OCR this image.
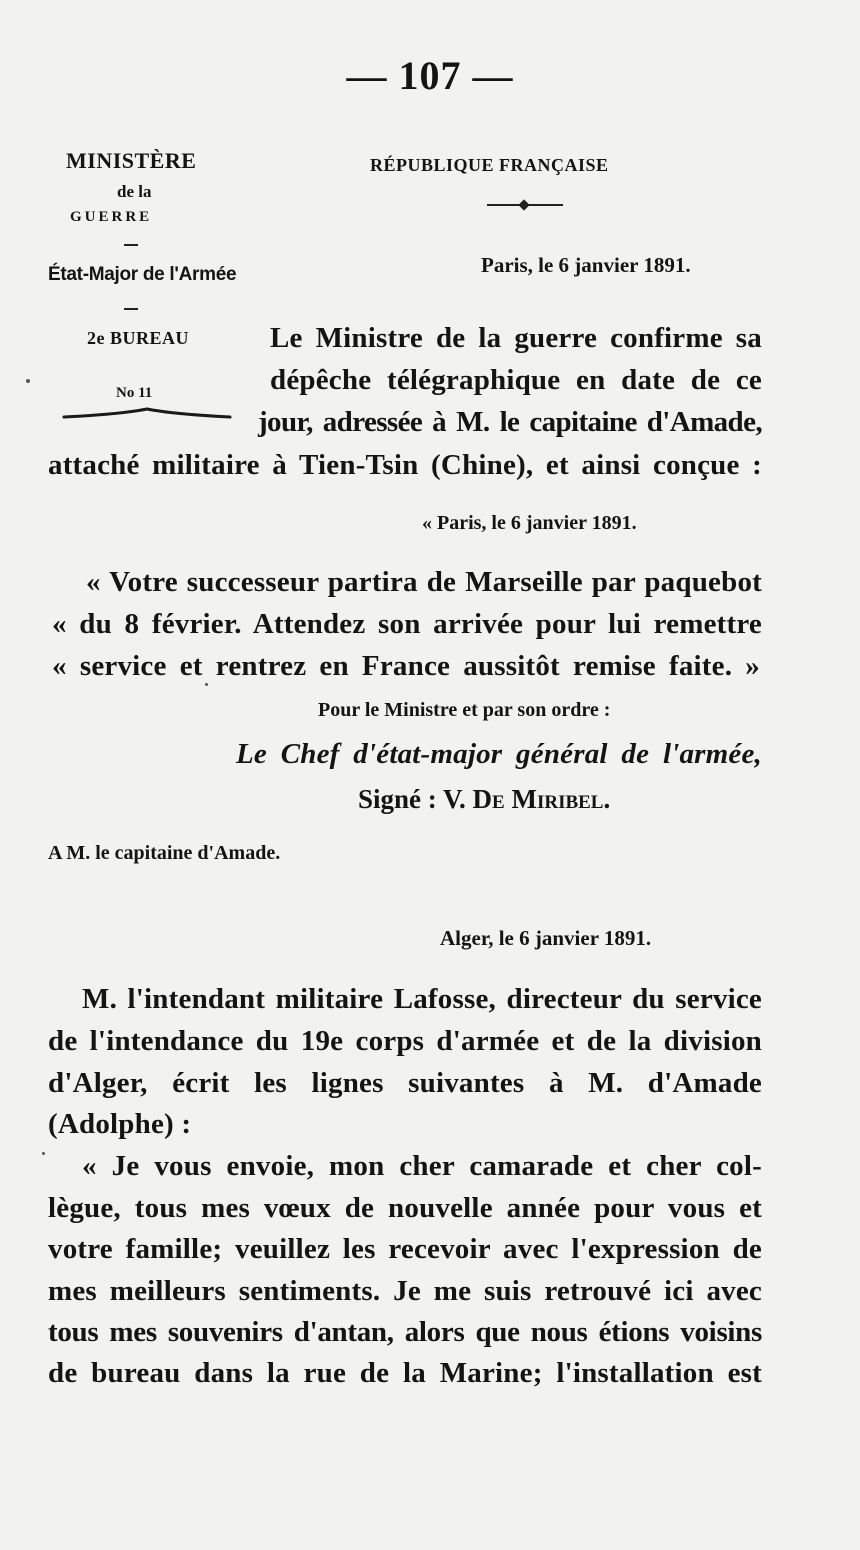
— 107 —
MINISTÈRE
de la
GUERRE
État-Major de l'Armée
2e BUREAU
No 11
RÉPUBLIQUE FRANÇAISE
Paris, le 6 janvier 1891.
Le Ministre de la guerre confirme sa
dépêche télégraphique en date de ce
jour, adressée à M. le capitaine d'Amade,
attaché militaire à Tien-Tsin (Chine), et ainsi conçue :
« Paris, le 6 janvier 1891.
« Votre successeur partira de Marseille par paquebot
« du 8 février. Attendez son arrivée pour lui remettre
« service et rentrez en France aussitôt remise faite. »
Pour le Ministre et par son ordre :
Le Chef d'état-major général de l'armée,
Signé : V. De Miribel.
A M. le capitaine d'Amade.
Alger, le 6 janvier 1891.
M. l'intendant militaire Lafosse, directeur du service
de l'intendance du 19e corps d'armée et de la division
d'Alger, écrit les lignes suivantes à M. d'Amade
(Adolphe) :
« Je vous envoie, mon cher camarade et cher col-
lègue, tous mes vœux de nouvelle année pour vous et
votre famille; veuillez les recevoir avec l'expression de
mes meilleurs sentiments. Je me suis retrouvé ici avec
tous mes souvenirs d'antan, alors que nous étions voisins
de bureau dans la rue de la Marine; l'installation est
